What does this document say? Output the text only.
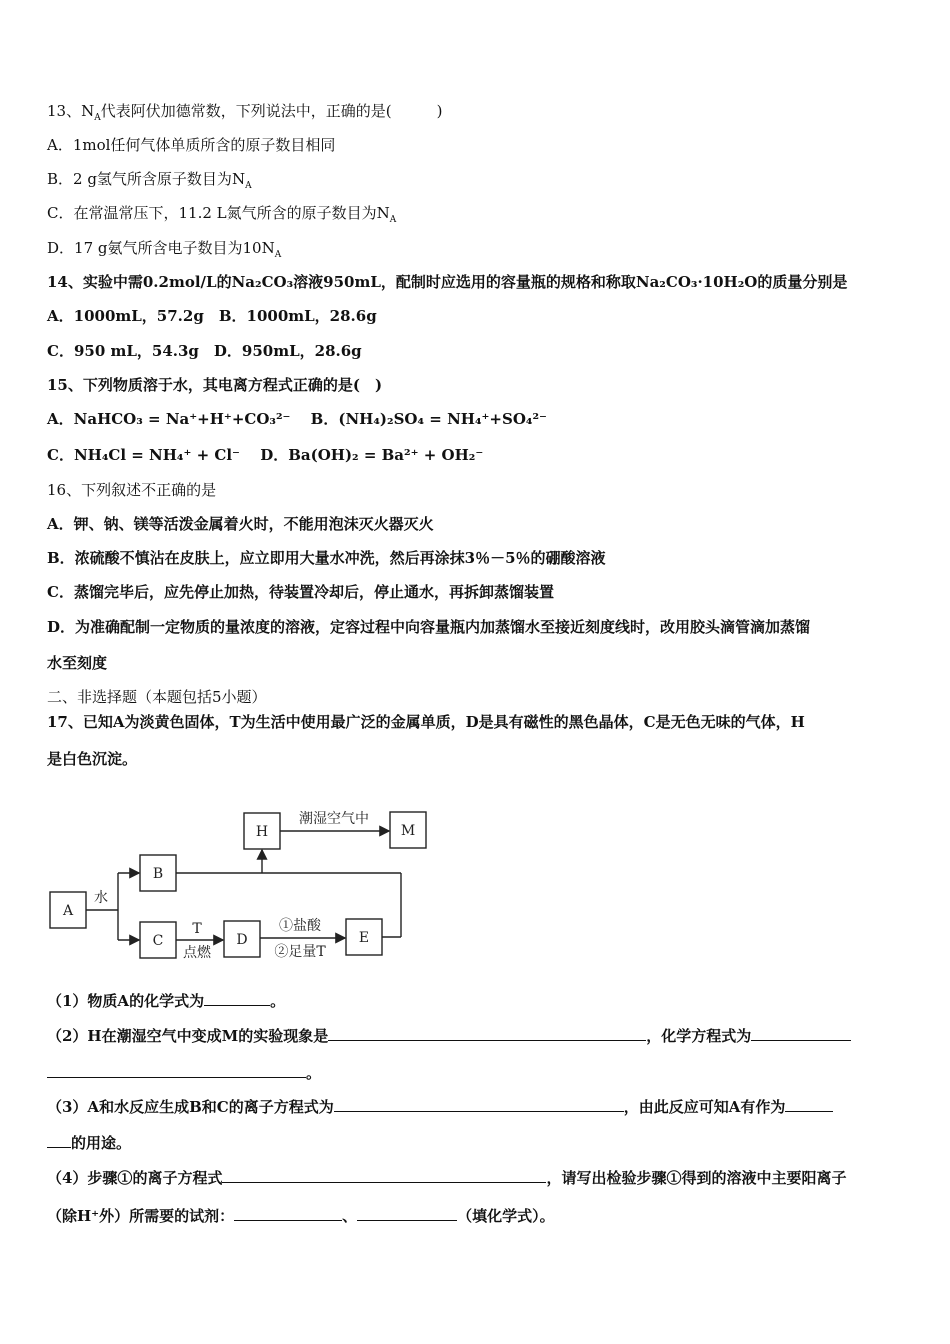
13、$N_A$代表阿伏加德常数，下列说法中，正确的是(　　　)
A．1mol任何气体单质所含的原子数目相同
B．2 g氢气所含原子数目为$N_A$
C．在常温常压下，11.2 L氮气所含的原子数目为$N_A$
D．17 g氨气所含电子数目为$10N_A$
14、实验中需0.2mol/L的Na₂CO₃溶液950mL，配制时应选用的容量瓶的规格和称取Na₂CO₃·10H₂O的质量分别是
A．1000mL，57.2g　B．1000mL，28.6g
C．950 mL，54.3g　D．950mL，28.6g
15、下列物质溶于水，其电离方程式正确的是(　)
A．NaHCO₃ = Na⁺+H⁺+CO₃²⁻　 B．(NH₄)₂SO₄ = NH₄⁺+SO₄²⁻
C．NH₄Cl = NH₄⁺ + Cl⁻　 D．Ba(OH)₂ = Ba²⁺ + OH₂⁻
16、下列叙述不正确的是
A．钾、钠、镁等活泼金属着火时，不能用泡沫灭火器灭火
B．浓硫酸不慎沾在皮肤上，应立即用大量水冲洗，然后再涂抹3％－5％的硼酸溶液
C．蒸馏完毕后，应先停止加热，待装置冷却后，停止通水，再拆卸蒸馏装置
D．为准确配制一定物质的量浓度的溶液，定容过程中向容量瓶内加蒸馏水至接近刻度线时，改用胶头滴管滴加蒸馏
水至刻度
二、非选择题（本题包括5小题）
17、已知A为淡黄色固体，T为生活中使用最广泛的金属单质，D是具有磁性的黑色晶体，C是无色无味的气体，H
是白色沉淀。
A
B
C	D	E
H	M
水
T
点燃
①盐酸
②足量T
潮湿空气中
（1）物质A的化学式为	。
（2）H在潮湿空气中变成M的实验现象是	，化学方程式为
。
（3）A和水反应生成B和C的离子方程式为	，由此反应可知A有作为
的用途。
（4）步骤①的离子方程式	，请写出检验步骤①得到的溶液中主要阳离子
（除H⁺外）所需要的试剂：	、	（填化学式）。
